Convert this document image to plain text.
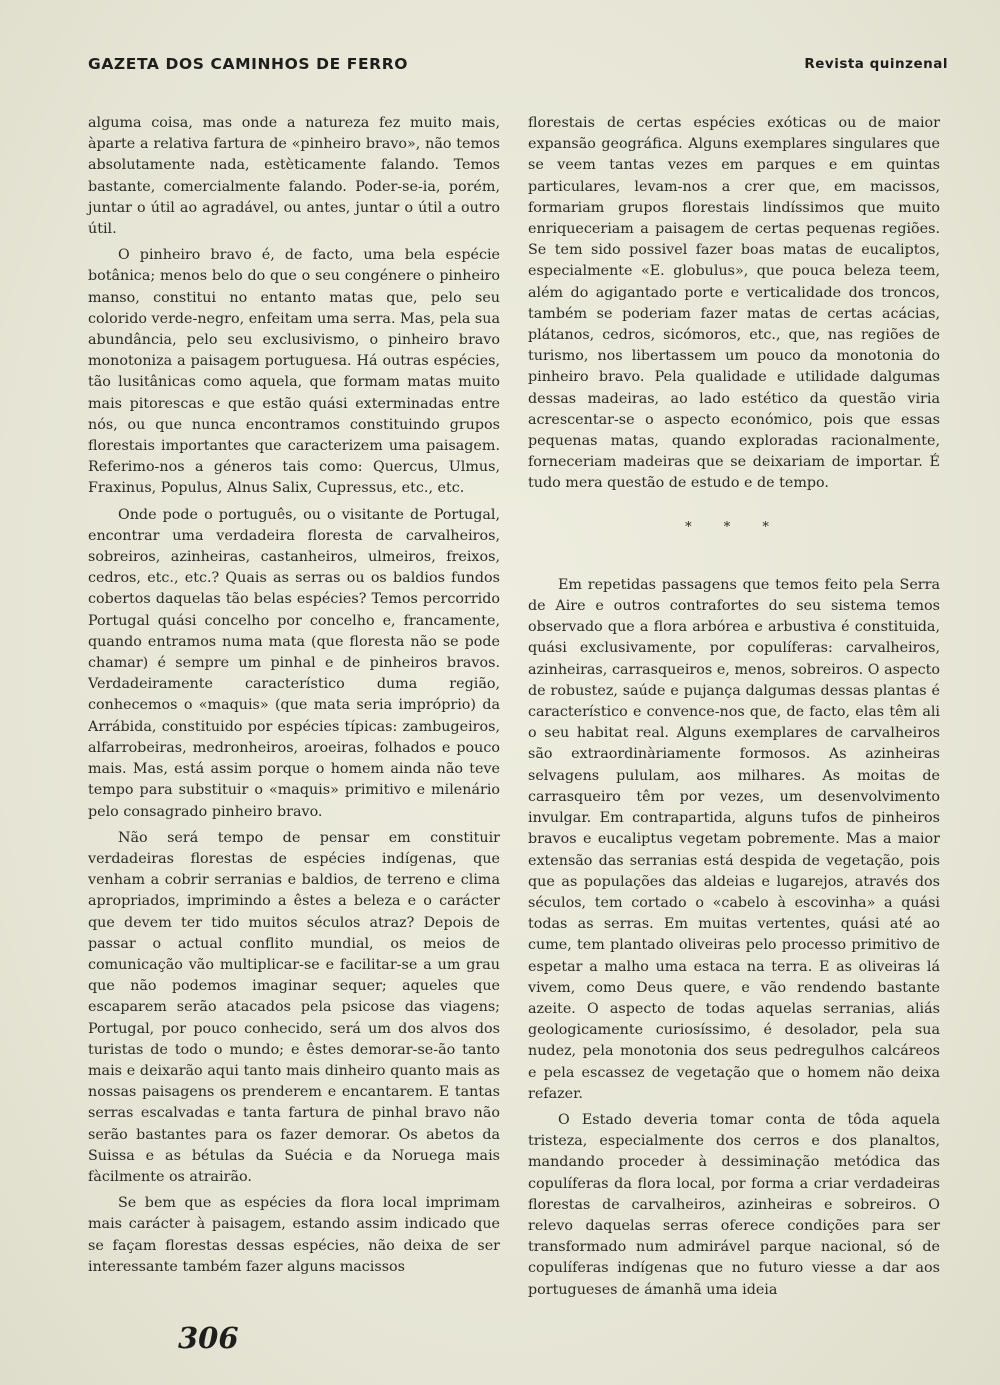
GAZETA DOS CAMINHOS DE FERRO	Revista quinzenal

alguma coisa, mas onde a natureza fez muito mais, àparte a relativa fartura de «pinheiro bravo», não temos absolutamente nada, estèticamente falando. Temos bastante, comercialmente falando. Poder-se-ia, porém, juntar o útil ao agradável, ou antes, juntar o útil a outro útil.

O pinheiro bravo é, de facto, uma bela espécie botânica; menos belo do que o seu congénere o pinheiro manso, constitui no entanto matas que, pelo seu colorido verde-negro, enfeitam uma serra. Mas, pela sua abundância, pelo seu exclusivismo, o pinheiro bravo monotoniza a paisagem portuguesa. Há outras espécies, tão lusitânicas como aquela, que formam matas muito mais pitorescas e que estão quási exterminadas entre nós, ou que nunca encontramos constituindo grupos florestais importantes que caracterizem uma paisagem. Referimo-nos a géneros tais como: Quercus, Ulmus, Fraxinus, Populus, Alnus Salix, Cupressus, etc., etc.

Onde pode o português, ou o visitante de Portugal, encontrar uma verdadeira floresta de carvalheiros, sobreiros, azinheiras, castanheiros, ulmeiros, freixos, cedros, etc., etc.? Quais as serras ou os baldios fundos cobertos daquelas tão belas espécies? Temos percorrido Portugal quási concelho por concelho e, francamente, quando entramos numa mata (que floresta não se pode chamar) é sempre um pinhal e de pinheiros bravos. Verdadeiramente característico duma região, conhecemos o «maquis» (que mata seria impróprio) da Arrábida, constituido por espécies típicas: zambugeiros, alfarrobeiras, medronheiros, aroeiras, folhados e pouco mais. Mas, está assim porque o homem ainda não teve tempo para substituir o «maquis» primitivo e milenário pelo consagrado pinheiro bravo.

Não será tempo de pensar em constituir verdadeiras florestas de espécies indígenas, que venham a cobrir serranias e baldios, de terreno e clima apropriados, imprimindo a êstes a beleza e o carácter que devem ter tido muitos séculos atraz? Depois de passar o actual conflito mundial, os meios de comunicação vão multiplicar-se e facilitar-se a um grau que não podemos imaginar sequer; aqueles que escaparem serão atacados pela psicose das viagens; Portugal, por pouco conhecido, será um dos alvos dos turistas de todo o mundo; e êstes demorar-se-ão tanto mais e deixarão aqui tanto mais dinheiro quanto mais as nossas paisagens os prenderem e encantarem. E tantas serras escalvadas e tanta fartura de pinhal bravo não serão bastantes para os fazer demorar. Os abetos da Suissa e as bétulas da Suécia e da Noruega mais fàcilmente os atrairão.

Se bem que as espécies da flora local imprimam mais carácter à paisagem, estando assim indicado que se façam florestas dessas espécies, não deixa de ser interessante também fazer alguns macissos

florestais de certas espécies exóticas ou de maior expansão geográfica. Alguns exemplares singulares que se veem tantas vezes em parques e em quintas particulares, levam-nos a crer que, em macissos, formariam grupos florestais lindíssimos que muito enriqueceriam a paisagem de certas pequenas regiões. Se tem sido possivel fazer boas matas de eucaliptos, especialmente «E. globulus», que pouca beleza teem, além do agigantado porte e verticalidade dos troncos, também se poderiam fazer matas de certas acácias, plátanos, cedros, sicómoros, etc., que, nas regiões de turismo, nos libertassem um pouco da monotonia do pinheiro bravo. Pela qualidade e utilidade dalgumas dessas madeiras, ao lado estético da questão viria acrescentar-se o aspecto económico, pois que essas pequenas matas, quando exploradas racionalmente, forneceriam madeiras que se deixariam de importar. É tudo mera questão de estudo e de tempo.

* * *

Em repetidas passagens que temos feito pela Serra de Aire e outros contrafortes do seu sistema temos observado que a flora arbórea e arbustiva é constituida, quási exclusivamente, por copulíferas: carvalheiros, azinheiras, carrasqueiros e, menos, sobreiros. O aspecto de robustez, saúde e pujança dalgumas dessas plantas é característico e convence-nos que, de facto, elas têm ali o seu habitat real. Alguns exemplares de carvalheiros são extraordinàriamente formosos. As azinheiras selvagens pululam, aos milhares. As moitas de carrasqueiro têm por vezes, um desenvolvimento invulgar. Em contrapartida, alguns tufos de pinheiros bravos e eucaliptus vegetam pobremente. Mas a maior extensão das serranias está despida de vegetação, pois que as populações das aldeias e lugarejos, através dos séculos, tem cortado o «cabelo à escovinha» a quási todas as serras. Em muitas vertentes, quási até ao cume, tem plantado oliveiras pelo processo primitivo de espetar a malho uma estaca na terra. E as oliveiras lá vivem, como Deus quere, e vão rendendo bastante azeite. O aspecto de todas aquelas serranias, aliás geologicamente curiosíssimo, é desolador, pela sua nudez, pela monotonia dos seus pedregulhos calcáreos e pela escassez de vegetação que o homem não deixa refazer.

O Estado deveria tomar conta de tôda aquela tristeza, especialmente dos cerros e dos planaltos, mandando proceder à dessiminação metódica das copulíferas da flora local, por forma a criar verdadeiras florestas de carvalheiros, azinheiras e sobreiros. O relevo daquelas serras oferece condições para ser transformado num admirável parque nacional, só de copulíferas indígenas que no futuro viesse a dar aos portugueses de ámanhã uma ideia

306
